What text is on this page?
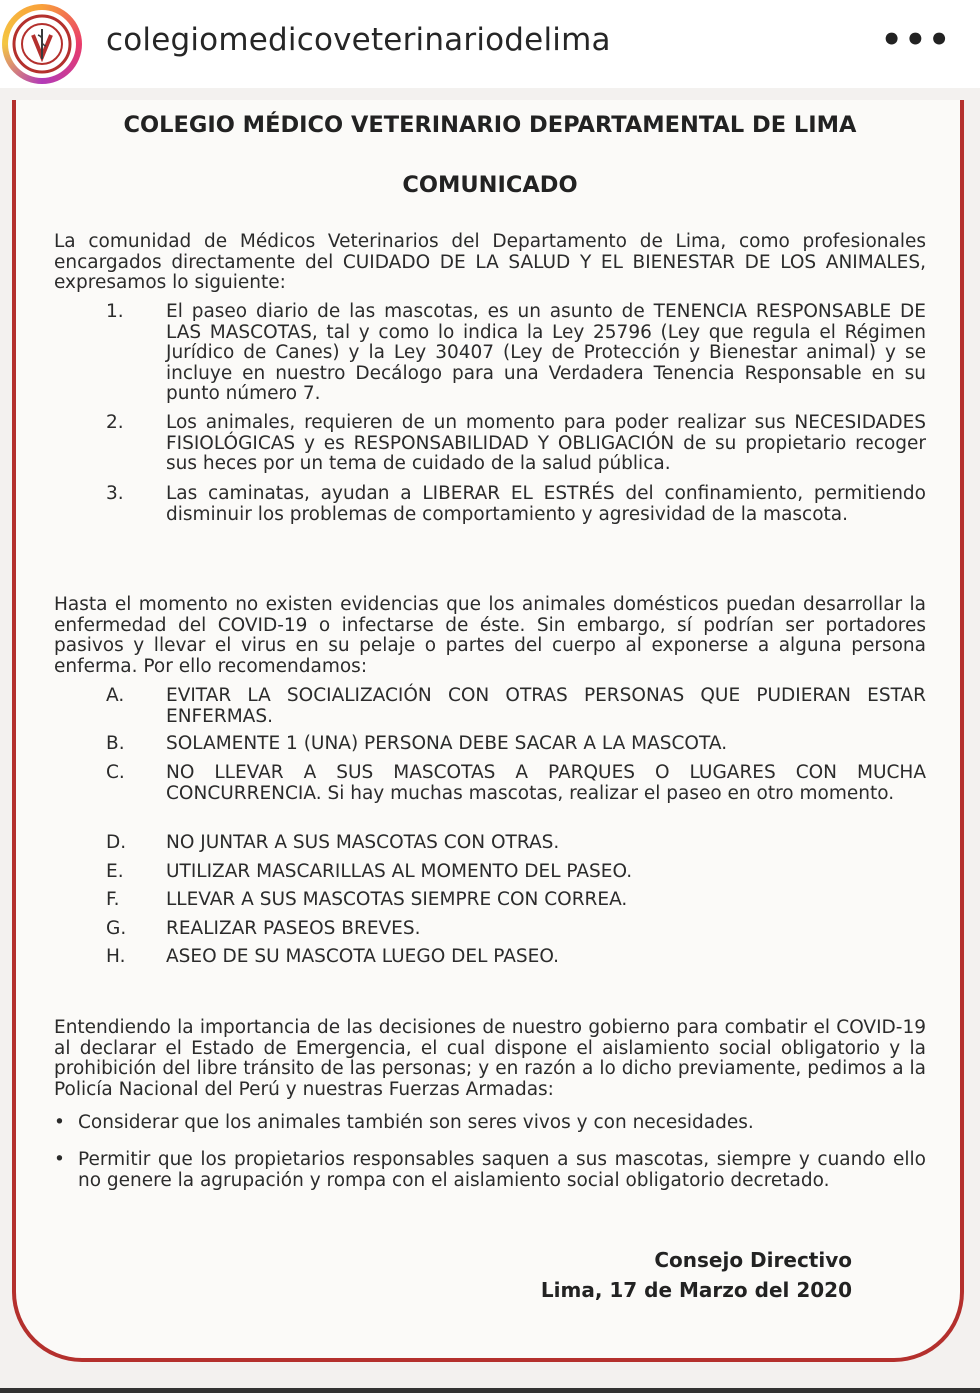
colegiomedicoveterinariodelima	•••
COLEGIO MÉDICO VETERINARIO DEPARTAMENTAL DE LIMA
COMUNICADO
La comunidad de Médicos Veterinarios del Departamento de Lima, como profesionales encargados directamente del CUIDADO DE LA SALUD Y EL BIENESTAR DE LOS ANIMALES, expresamos lo siguiente:
1.	El paseo diario de las mascotas, es un asunto de TENENCIA RESPONSABLE DE LAS MASCOTAS, tal y como lo indica la Ley 25796 (Ley que regula el Régimen Jurídico de Canes) y la Ley 30407 (Ley de Protección y Bienestar animal) y se incluye en nuestro Decálogo para una Verdadera Tenencia Responsable en su punto número 7.
2.	Los animales, requieren de un momento para poder realizar sus NECESIDADES FISIOLÓGICAS y es RESPONSABILIDAD Y OBLIGACIÓN de su propietario recoger sus heces por un tema de cuidado de la salud pública.
3.	Las caminatas, ayudan a LIBERAR EL ESTRÉS del confinamiento, permitiendo disminuir los problemas de comportamiento y agresividad de la mascota.
Hasta el momento no existen evidencias que los animales domésticos puedan desarrollar la enfermedad del COVID-19 o infectarse de éste. Sin embargo, sí podrían ser portadores pasivos y llevar el virus en su pelaje o partes del cuerpo al exponerse a alguna persona enferma. Por ello recomendamos:
A.	EVITAR LA SOCIALIZACIÓN CON OTRAS PERSONAS QUE PUDIERAN ESTAR ENFERMAS.
B.	SOLAMENTE 1 (UNA) PERSONA DEBE SACAR A LA MASCOTA.
C.	NO LLEVAR A SUS MASCOTAS A PARQUES O LUGARES CON MUCHA CONCURRENCIA. Si hay muchas mascotas, realizar el paseo en otro momento.
D.	NO JUNTAR A SUS MASCOTAS CON OTRAS.
E.	UTILIZAR MASCARILLAS AL MOMENTO DEL PASEO.
F.	LLEVAR A SUS MASCOTAS SIEMPRE CON CORREA.
G.	REALIZAR PASEOS BREVES.
H.	ASEO DE SU MASCOTA LUEGO DEL PASEO.
Entendiendo la importancia de las decisiones de nuestro gobierno para combatir el COVID-19 al declarar el Estado de Emergencia, el cual dispone el aislamiento social obligatorio y la prohibición del libre tránsito de las personas; y en razón a lo dicho previamente, pedimos a la Policía Nacional del Perú y nuestras Fuerzas Armadas:
• Considerar que los animales también son seres vivos y con necesidades.
• Permitir que los propietarios responsables saquen a sus mascotas, siempre y cuando ello no genere la agrupación y rompa con el aislamiento social obligatorio decretado.
Consejo Directivo
Lima, 17 de Marzo del 2020
